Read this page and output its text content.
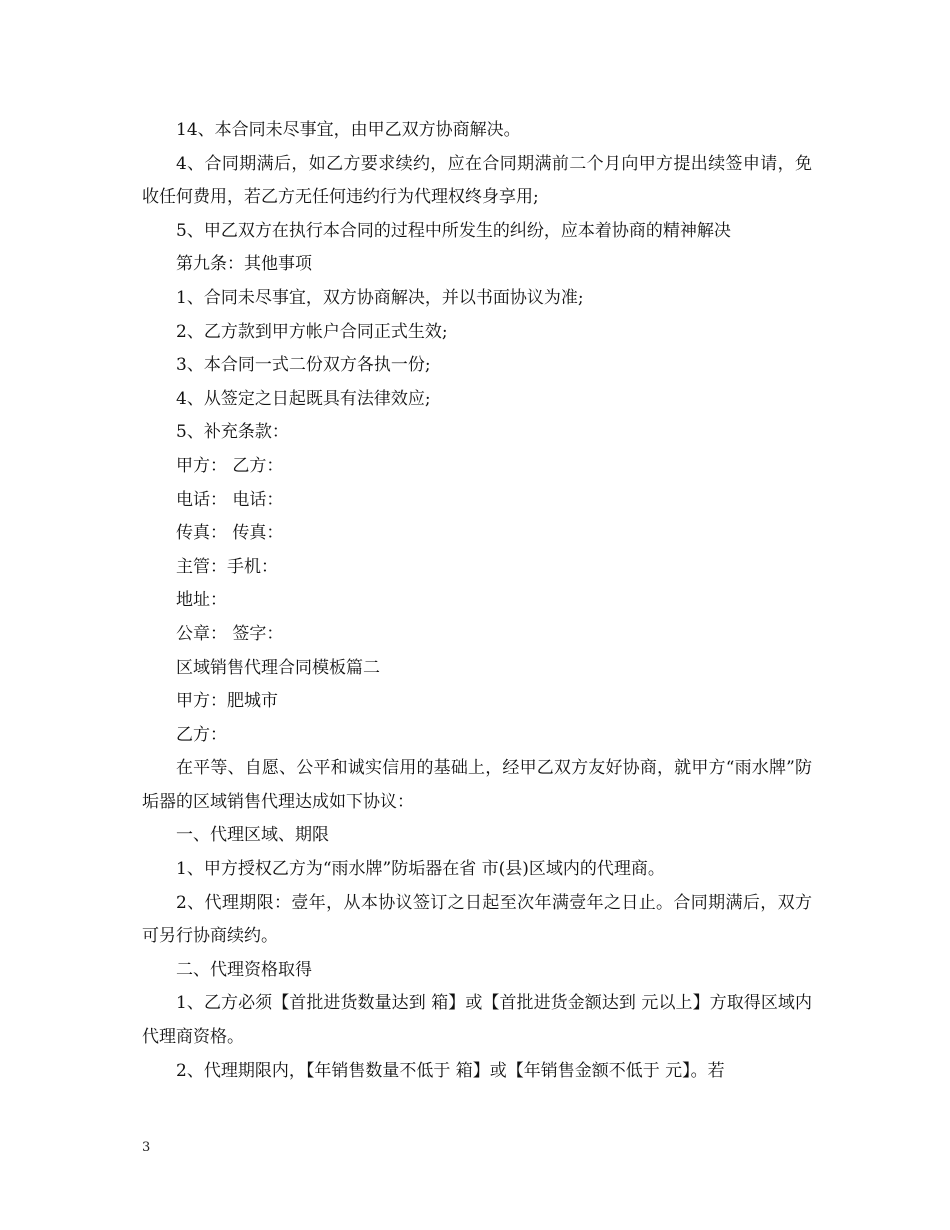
14、本合同未尽事宜，由甲乙双方协商解决。

4、合同期满后，如乙方要求续约，应在合同期满前二个月向甲方提出续签申请，免收任何费用，若乙方无任何违约行为代理权终身享用;

5、甲乙双方在执行本合同的过程中所发生的纠纷，应本着协商的精神解决

第九条：其他事项

1、合同未尽事宜，双方协商解决，并以书面协议为准;

2、乙方款到甲方帐户合同正式生效;

3、本合同一式二份双方各执一份;

4、从签定之日起既具有法律效应;

5、补充条款：

甲方： 乙方：

电话： 电话：

传真： 传真：

主管：手机：

地址：

公章： 签字：

区域销售代理合同模板篇二

甲方：肥城市

乙方：

在平等、自愿、公平和诚实信用的基础上，经甲乙双方友好协商，就甲方“雨水牌”防垢器的区域销售代理达成如下协议：

一、代理区域、期限

1、甲方授权乙方为“雨水牌”防垢器在省 市(县)区域内的代理商。

2、代理期限：壹年，从本协议签订之日起至次年满壹年之日止。合同期满后，双方可另行协商续约。

二、代理资格取得

1、乙方必须【首批进货数量达到 箱】或【首批进货金额达到 元以上】方取得区域内代理商资格。

2、代理期限内，【年销售数量不低于 箱】或【年销售金额不低于 元】。若

3
